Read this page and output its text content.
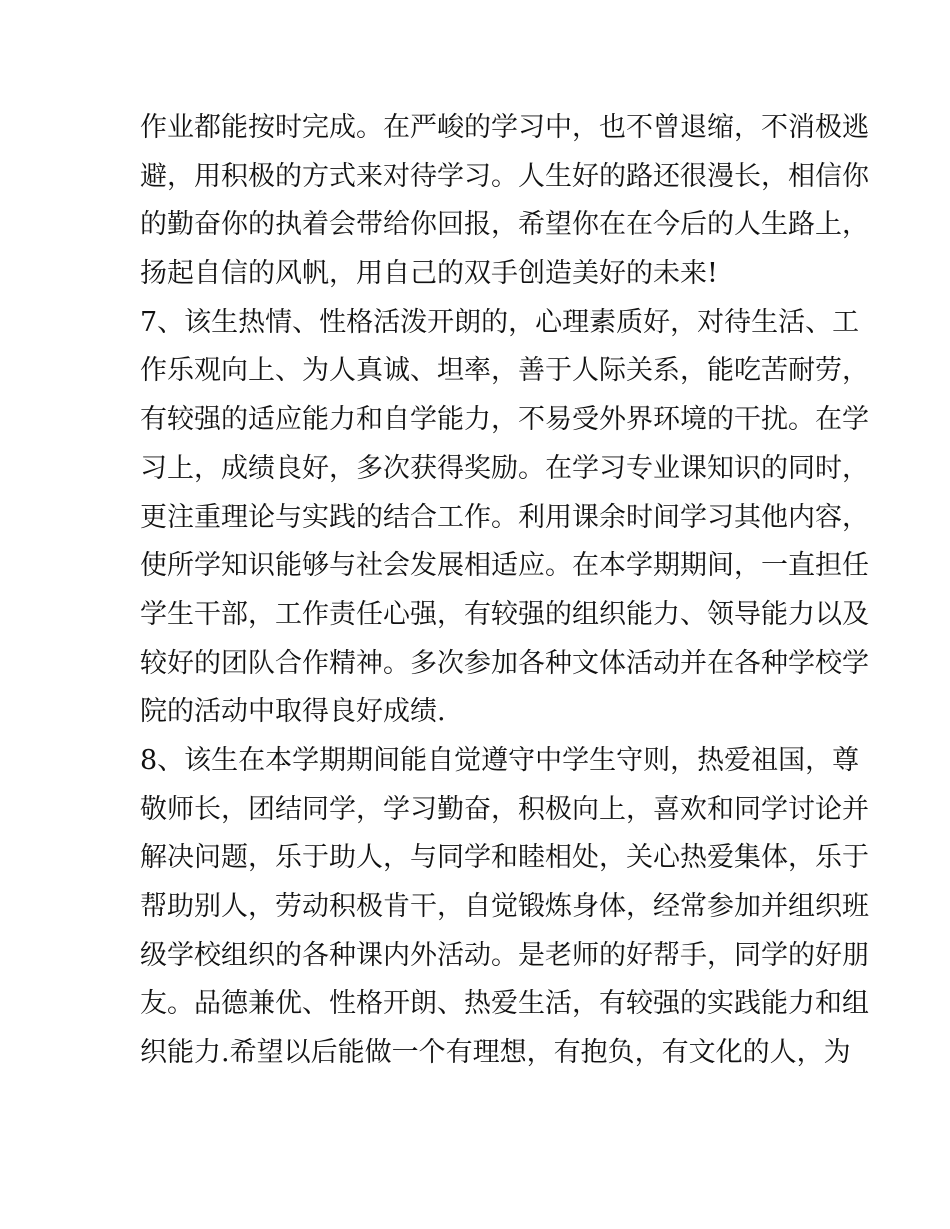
作业都能按时完成。在严峻的学习中，也不曾退缩，不消极逃
避，用积极的方式来对待学习。人生好的路还很漫长，相信你
的勤奋你的执着会带给你回报，希望你在在今后的人生路上，
扬起自信的风帆，用自己的双手创造美好的未来!
7、该生热情、性格活泼开朗的，心理素质好，对待生活、工
作乐观向上、为人真诚、坦率，善于人际关系，能吃苦耐劳，
有较强的适应能力和自学能力，不易受外界环境的干扰。在学
习上，成绩良好，多次获得奖励。在学习专业课知识的同时，
更注重理论与实践的结合工作。利用课余时间学习其他内容，
使所学知识能够与社会发展相适应。在本学期期间，一直担任
学生干部，工作责任心强，有较强的组织能力、领导能力以及
较好的团队合作精神。多次参加各种文体活动并在各种学校学
院的活动中取得良好成绩.
8、该生在本学期期间能自觉遵守中学生守则，热爱祖国，尊
敬师长，团结同学，学习勤奋，积极向上，喜欢和同学讨论并
解决问题，乐于助人，与同学和睦相处，关心热爱集体，乐于
帮助别人，劳动积极肯干，自觉锻炼身体，经常参加并组织班
级学校组织的各种课内外活动。是老师的好帮手，同学的好朋
友。品德兼优、性格开朗、热爱生活，有较强的实践能力和组
织能力.希望以后能做一个有理想，有抱负，有文化的人，为
